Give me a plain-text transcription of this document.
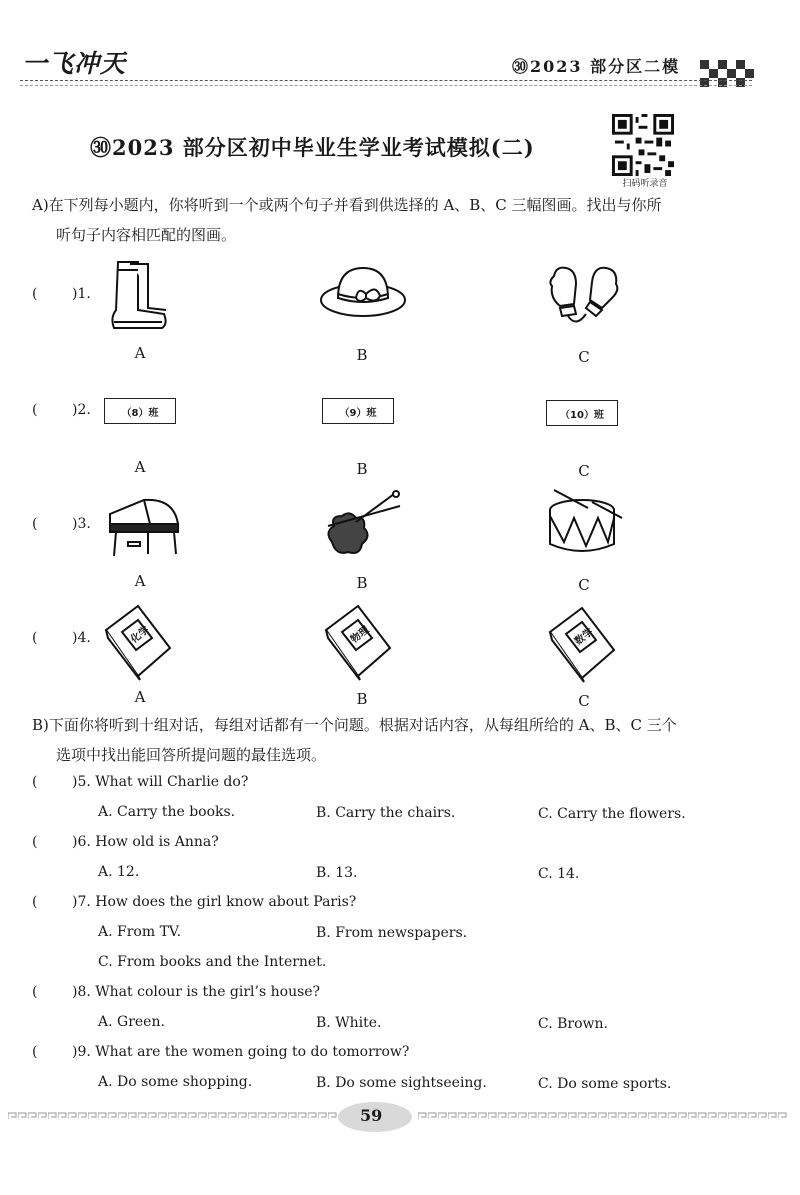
一飞冲天	㉚2023 部分区二模
㉚2023 部分区初中毕业生学业考试模拟(二)
扫码听录音
A)在下列每小题内，你将听到一个或两个句子并看到供选择的 A、B、C 三幅图画。找出与你所
听句子内容相匹配的图画。
( )1.
A	B	C
( )2.	（8）班	（9）班	（10）班
A	B	C
( )3.
A	B	C
( )4.	化学	物理	数学
A	B	C
B)下面你将听到十组对话，每组对话都有一个问题。根据对话内容，从每组所给的 A、B、C 三个
选项中找出能回答所提问题的最佳选项。
( )5. What will Charlie do?
A. Carry the books.	B. Carry the chairs.	C. Carry the flowers.
( )6. How old is Anna?
A. 12.	B. 13.	C. 14.
( )7. How does the girl know about Paris?
A. From TV.	B. From newspapers.
C. From books and the Internet.
( )8. What colour is the girl’s house?
A. Green.	B. White.	C. Brown.
( )9. What are the women going to do tomorrow?
A. Do some shopping.	B. Do some sightseeing.	C. Do some sports.
59
